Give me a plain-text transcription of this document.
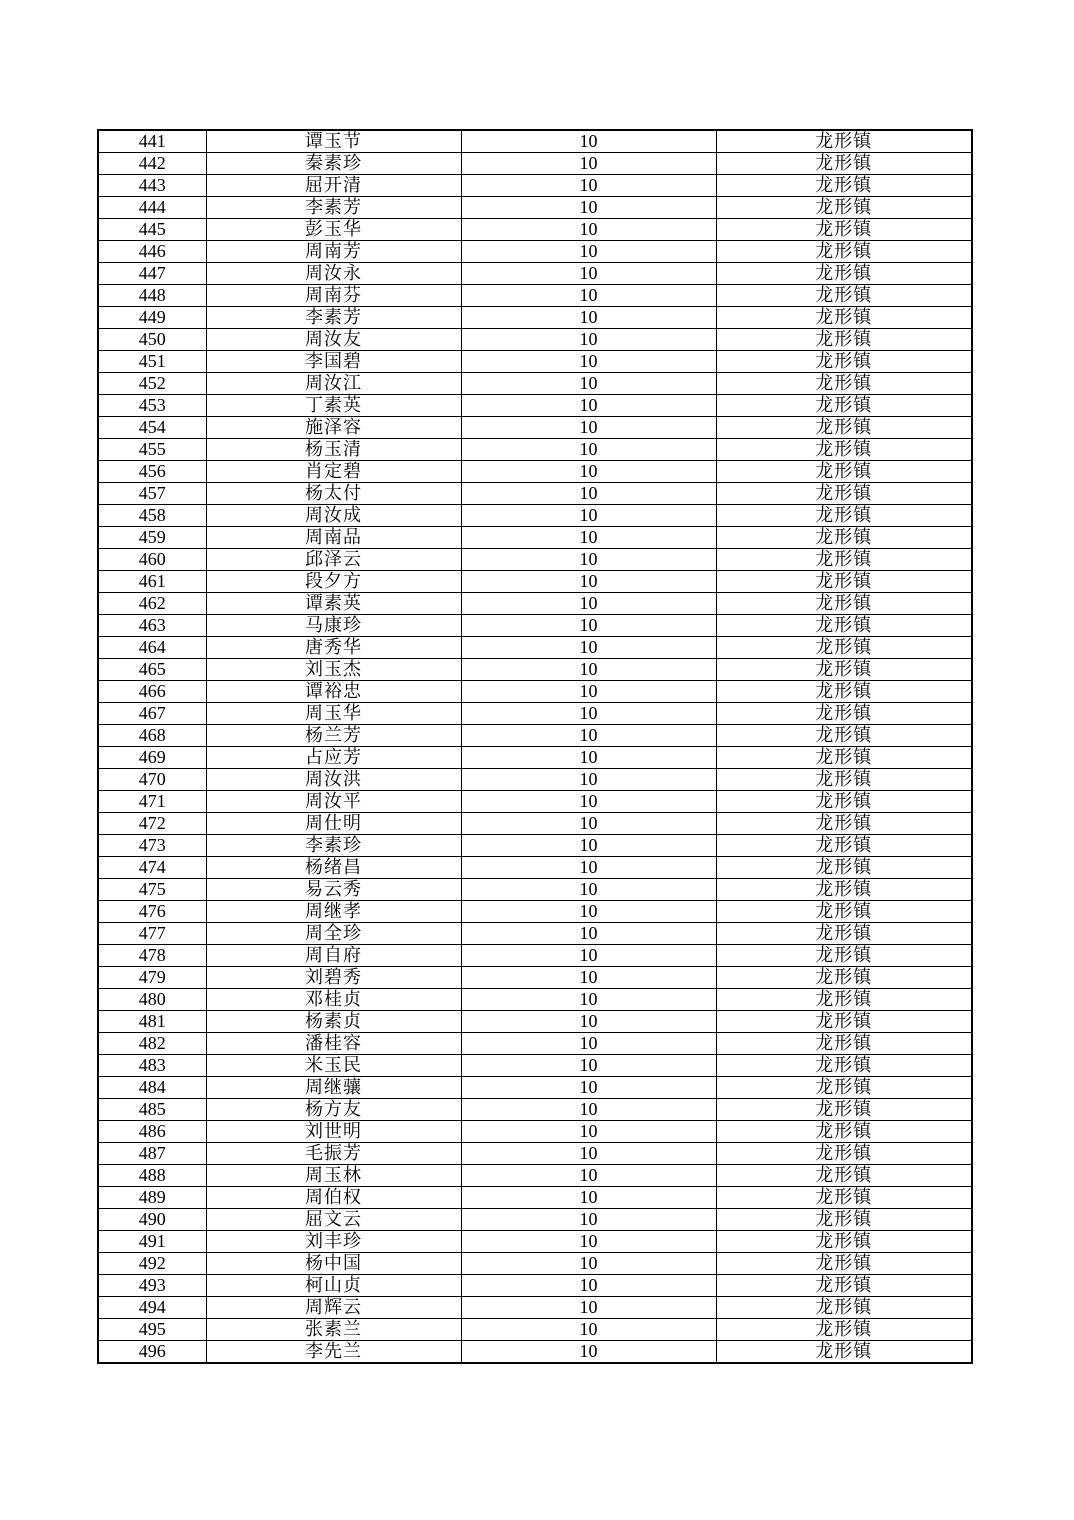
441	谭玉节	10	龙形镇
442	秦素珍	10	龙形镇
443	屈开清	10	龙形镇
444	李素芳	10	龙形镇
445	彭玉华	10	龙形镇
446	周南芳	10	龙形镇
447	周汝永	10	龙形镇
448	周南芬	10	龙形镇
449	李素芳	10	龙形镇
450	周汝友	10	龙形镇
451	李国碧	10	龙形镇
452	周汝江	10	龙形镇
453	丁素英	10	龙形镇
454	施泽容	10	龙形镇
455	杨玉清	10	龙形镇
456	肖定碧	10	龙形镇
457	杨太付	10	龙形镇
458	周汝成	10	龙形镇
459	周南品	10	龙形镇
460	邱泽云	10	龙形镇
461	段夕方	10	龙形镇
462	谭素英	10	龙形镇
463	马康珍	10	龙形镇
464	唐秀华	10	龙形镇
465	刘玉杰	10	龙形镇
466	谭裕忠	10	龙形镇
467	周玉华	10	龙形镇
468	杨兰芳	10	龙形镇
469	占应芳	10	龙形镇
470	周汝洪	10	龙形镇
471	周汝平	10	龙形镇
472	周仕明	10	龙形镇
473	李素珍	10	龙形镇
474	杨绪昌	10	龙形镇
475	易云秀	10	龙形镇
476	周继孝	10	龙形镇
477	周全珍	10	龙形镇
478	周自府	10	龙形镇
479	刘碧秀	10	龙形镇
480	邓桂贞	10	龙形镇
481	杨素贞	10	龙形镇
482	潘桂容	10	龙形镇
483	米玉民	10	龙形镇
484	周继骧	10	龙形镇
485	杨方友	10	龙形镇
486	刘世明	10	龙形镇
487	毛振芳	10	龙形镇
488	周玉林	10	龙形镇
489	周伯权	10	龙形镇
490	屈文云	10	龙形镇
491	刘丰珍	10	龙形镇
492	杨中国	10	龙形镇
493	柯山贞	10	龙形镇
494	周辉云	10	龙形镇
495	张素兰	10	龙形镇
496	李先兰	10	龙形镇
